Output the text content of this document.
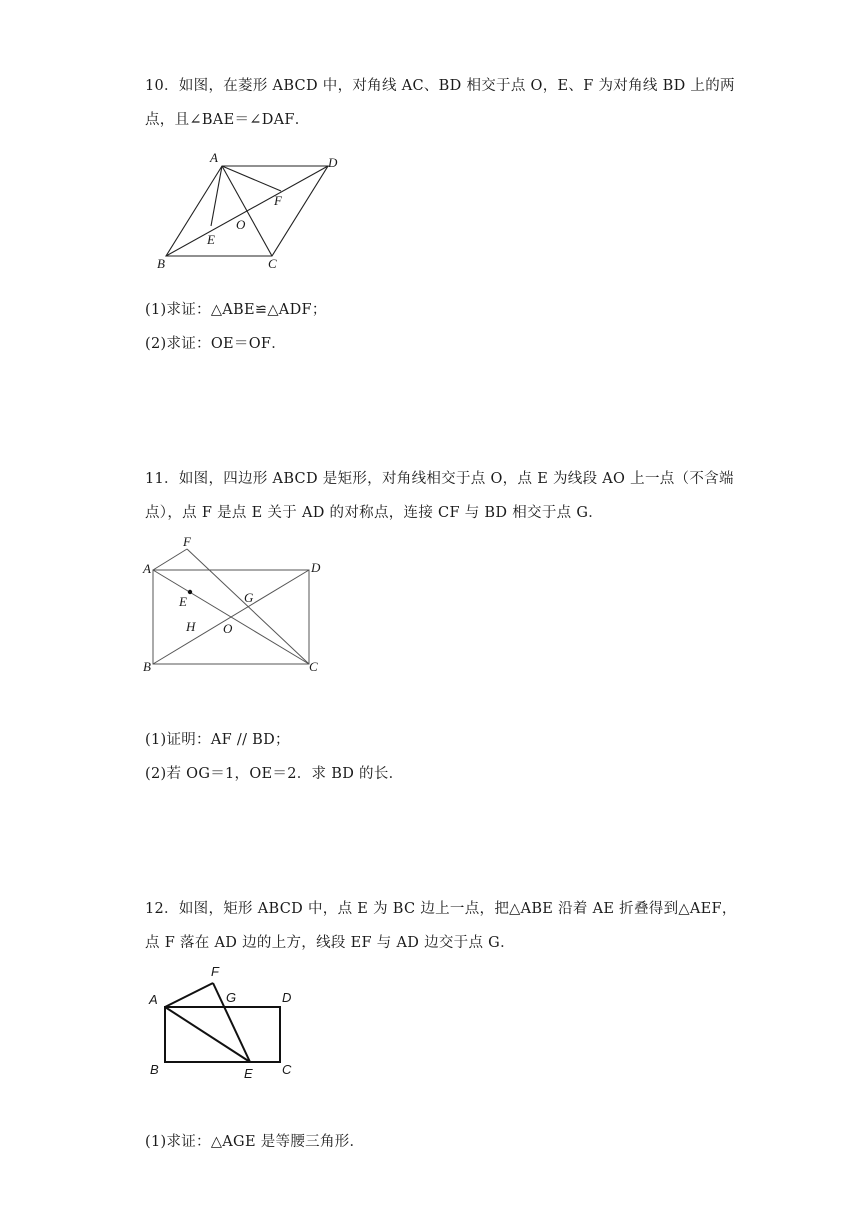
10．如图，在菱形 ABCD 中，对角线 AC、BD 相交于点 O，E、F 为对角线 BD 上的两
点，且∠BAE＝∠DAF．
A	D
B	C
F
O
E
(1)求证：△ABE≌△ADF；
(2)求证：OE＝OF．
11．如图，四边形 ABCD 是矩形，对角线相交于点 O，点 E 为线段 AO 上一点（不含端
点），点 F 是点 E 关于 AD 的对称点，连接 CF 与 BD 相交于点 G．
F
A	D
E	G
H O
B	C
(1)证明：AF // BD；
(2)若 OG＝1，OE＝2．求 BD 的长．
12．如图，矩形 ABCD 中，点 E 为 BC 边上一点，把△ABE 沿着 AE 折叠得到△AEF，
点 F 落在 AD 边的上方，线段 EF 与 AD 边交于点 G．
F
A	G	D
B	E C
(1)求证：△AGE 是等腰三角形．
